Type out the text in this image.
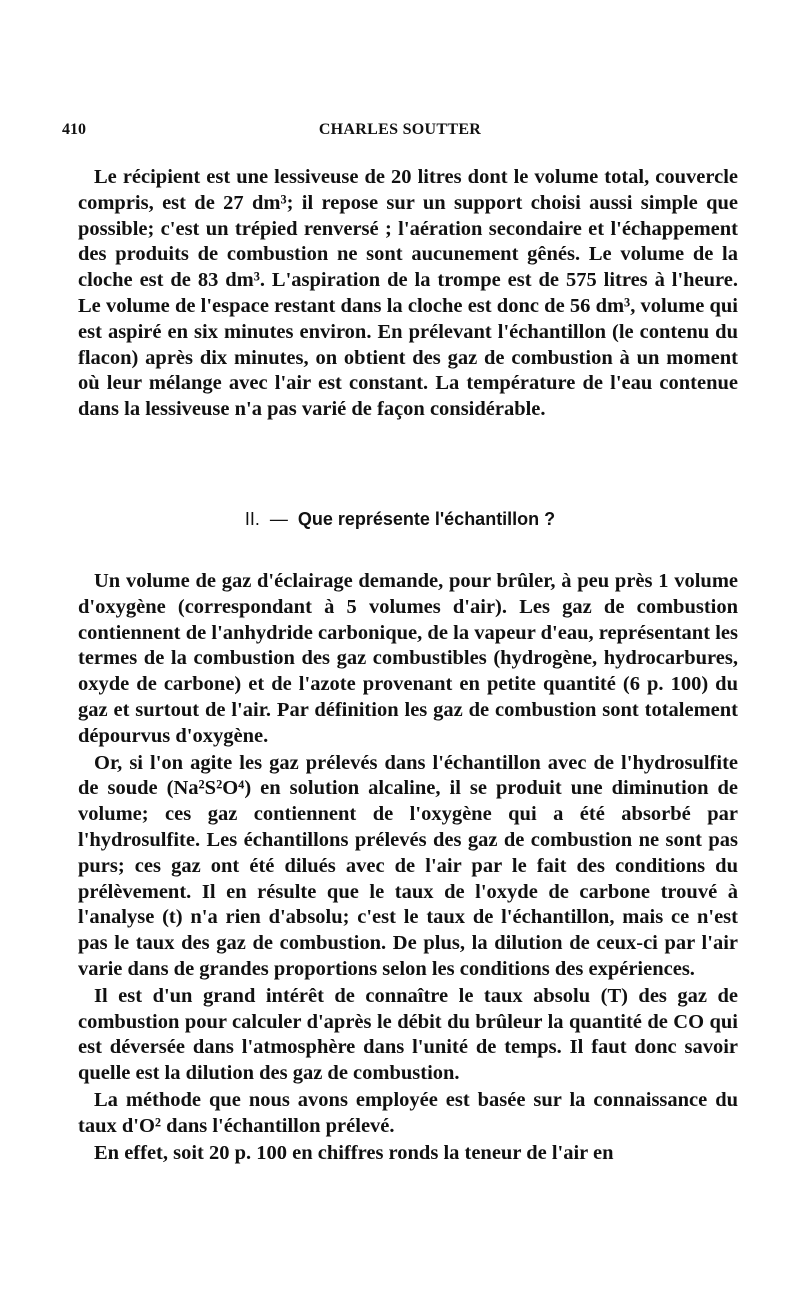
410	CHARLES SOUTTER

Le récipient est une lessiveuse de 20 litres dont le volume total, couvercle compris, est de 27 dm³; il repose sur un support choisi aussi simple que possible; c'est un trépied renversé ; l'aération secondaire et l'échappement des produits de combustion ne sont aucunement gênés. Le volume de la cloche est de 83 dm³. L'aspiration de la trompe est de 575 litres à l'heure. Le volume de l'espace restant dans la cloche est donc de 56 dm³, volume qui est aspiré en six minutes environ. En prélevant l'échantillon (le contenu du flacon) après dix minutes, on obtient des gaz de combustion à un moment où leur mélange avec l'air est constant. La température de l'eau contenue dans la lessiveuse n'a pas varié de façon considérable.

II. — Que représente l'échantillon ?

Un volume de gaz d'éclairage demande, pour brûler, à peu près 1 volume d'oxygène (correspondant à 5 volumes d'air). Les gaz de combustion contiennent de l'anhydride carbonique, de la vapeur d'eau, représentant les termes de la combustion des gaz combustibles (hydrogène, hydrocarbures, oxyde de carbone) et de l'azote provenant en petite quantité (6 p. 100) du gaz et surtout de l'air. Par définition les gaz de combustion sont totalement dépourvus d'oxygène.

Or, si l'on agite les gaz prélevés dans l'échantillon avec de l'hydrosulfite de soude (Na²S²O⁴) en solution alcaline, il se produit une diminution de volume; ces gaz contiennent de l'oxygène qui a été absorbé par l'hydrosulfite. Les échantillons prélevés des gaz de combustion ne sont pas purs; ces gaz ont été dilués avec de l'air par le fait des conditions du prélèvement. Il en résulte que le taux de l'oxyde de carbone trouvé à l'analyse (t) n'a rien d'absolu; c'est le taux de l'échantillon, mais ce n'est pas le taux des gaz de combustion. De plus, la dilution de ceux-ci par l'air varie dans de grandes proportions selon les conditions des expériences.

Il est d'un grand intérêt de connaître le taux absolu (T) des gaz de combustion pour calculer d'après le débit du brûleur la quantité de CO qui est déversée dans l'atmosphère dans l'unité de temps. Il faut donc savoir quelle est la dilution des gaz de combustion.

La méthode que nous avons employée est basée sur la connaissance du taux d'O² dans l'échantillon prélevé.

En effet, soit 20 p. 100 en chiffres ronds la teneur de l'air en
